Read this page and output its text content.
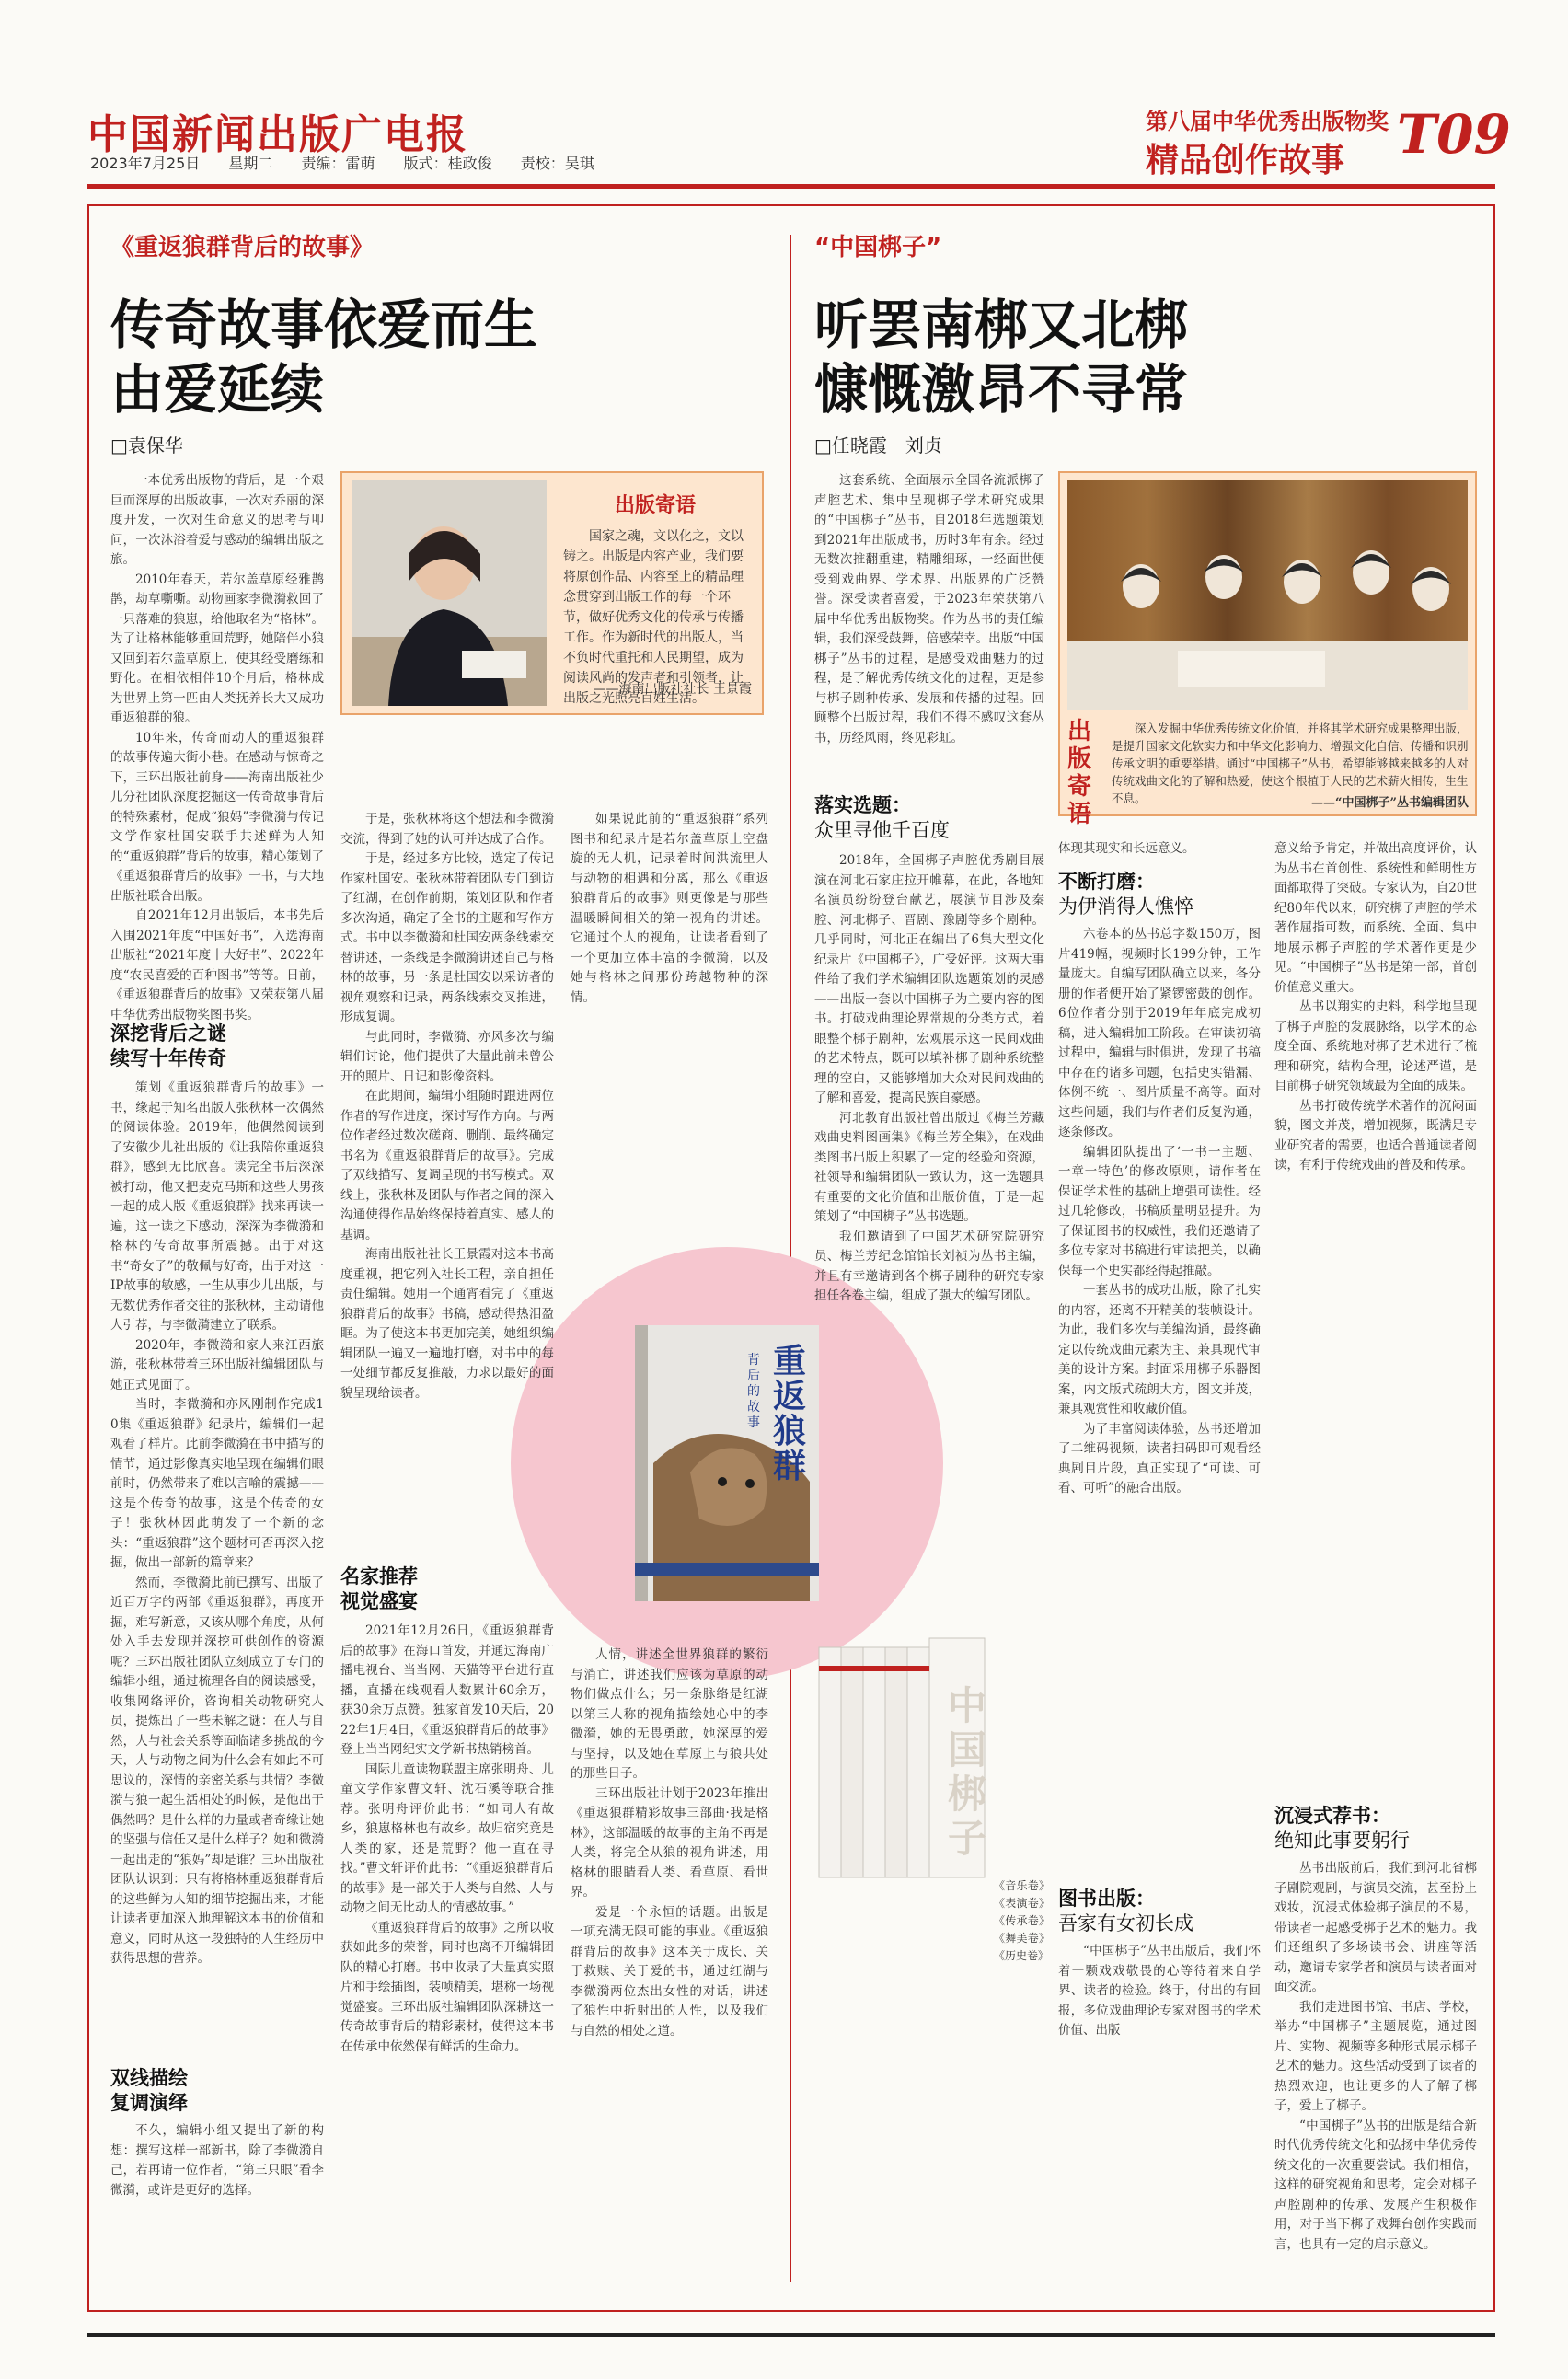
中国新闻出版广电报
2023年7月25日 星期二 责编：雷萌 版式：桂政俊 责校：吴琪
第八届中华优秀出版物奖
精品创作故事 T09
《重返狼群背后的故事》
传奇故事依爱而生
由爱延续
□袁保华
出版寄语
国家之魂，文以化之，文以铸之。出版是内容产业，我们要将原创作品、内容至上的精品理念贯穿到出版工作的每一个环节，做好优秀文化的传承与传播工作。作为新时代的出版人，当不负时代重托和人民期望，成为阅读风尚的发声者和引领者，让出版之光照亮百姓生活。
——海南出版社社长 王景霞

一本优秀出版物的背后，是一个艰巨而深厚的出版故事，一次对乔丽的深度开发，一次对生命意义的思考与叩问，一次沐浴着爱与感动的编辑出版之旅。

2010年春天，若尔盖草原经雅鹊鹊，劫草嘶嘶。动物画家李微漪救回了一只落难的狼崽，给他取名为“格林”。为了让格林能够重回荒野，她陪伴小狼又回到若尔盖草原上，使其经受磨练和野化。在相依相伴10个月后，格林成为世界上第一匹由人类抚养长大又成功重返狼群的狼。

10年来，传奇而动人的重返狼群的故事传遍大街小巷。在感动与惊奇之下，三环出版社前身——海南出版社少儿分社团队深度挖掘这一传奇故事背后的特殊素材，促成“狼妈”李微漪与传记文学作家杜国安联手共述鲜为人知的“重返狼群”背后的故事，精心策划了《重返狼群背后的故事》一书，与大地出版社联合出版。

自2021年12月出版后，本书先后入围2021年度“中国好书”，入选海南出版社“2021年度十大好书”、2022年度“农民喜爱的百种图书”等等。日前，《重返狼群背后的故事》又荣获第八届中华优秀出版物奖图书奖。

深挖背后之谜
续写十年传奇

策划《重返狼群背后的故事》一书，缘起于知名出版人张秋林一次偶然的阅读体验。2019年，他偶然阅读到了安徽少儿社出版的《让我陪你重返狼群》，感到无比欣喜。读完全书后深深被打动，他又把麦克马斯和这些大男孩一起的成人版《重返狼群》找来再读一遍，这一读之下感动，深深为李微漪和格林的传奇故事所震撼。出于对这书“奇女子”的敬佩与好奇，出于对这一IP故事的敏感，一生从事少儿出版，与无数优秀作者交往的张秋林，主动请他人引荐，与李微漪建立了联系。

2020年，李微漪和家人来江西旅游，张秋林带着三环出版社编辑团队与她正式见面了。

当时，李微漪和亦风刚制作完成10集《重返狼群》纪录片，编辑们一起观看了样片。此前李微漪在书中描写的情节，通过影像真实地呈现在编辑们眼前时，仍然带来了难以言喻的震撼——这是个传奇的故事，这是个传奇的女子！张秋林因此萌发了一个新的念头：“重返狼群”这个题材可否再深入挖掘，做出一部新的篇章来？

然而，李微漪此前已撰写、出版了近百万字的两部《重返狼群》，再度开掘，难写新意，又该从哪个角度，从何处入手去发现并深挖可供创作的资源呢？三环出版社团队立刻成立了专门的编辑小组，通过梳理各自的阅读感受，收集网络评价，咨询相关动物研究人员，提炼出了一些未解之谜：在人与自然，人与社会关系等面临诸多挑战的今天，人与动物之间为什么会有如此不可思议的，深情的亲密关系与共情？李微漪与狼一起生活相处的时候，是他出于偶然吗？是什么样的力量或者奇缘让她的坚强与信任又是什么样子？她和微漪一起出走的“狼妈”却是谁？三环出版社团队认识到：只有将格林重返狼群背后的这些鲜为人知的细节挖掘出来，才能让读者更加深入地理解这本书的价值和意义，同时从这一段独特的人生经历中获得思想的营养。

双线描绘
复调演绎

不久，编辑小组又提出了新的构想：撰写这样一部新书，除了李微漪自己，若再请一位作者，“第三只眼”看李微漪，或许是更好的选择。

于是，张秋林将这个想法和李微漪交流，得到了她的认可并达成了合作。

于是，经过多方比较，选定了传记作家杜国安。张秋林带着团队专门到访了红湖，在创作前期，策划团队和作者多次沟通，确定了全书的主题和写作方式。书中以李微漪和杜国安两条线索交替讲述，一条线是李微漪讲述自己与格林的故事，另一条是杜国安以采访者的视角观察和记录，两条线索交叉推进，形成复调。

与此同时，李微漪、亦风多次与编辑们讨论，他们提供了大量此前未曾公开的照片、日记和影像资料。

在此期间，编辑小组随时跟进两位作者的写作进度，探讨写作方向。与两位作者经过数次磋商、删削、最终确定书名为《重返狼群背后的故事》。完成了双线描写、复调呈现的书写模式。双线上，张秋林及团队与作者之间的深入沟通使得作品始终保持着真实、感人的基调。

海南出版社社长王景霞对这本书高度重视，把它列入社长工程，亲自担任责任编辑。她用一个通宵看完了《重返狼群背后的故事》书稿，感动得热泪盈眶。为了使这本书更加完美，她组织编辑团队一遍又一遍地打磨，对书中的每一处细节都反复推敲，力求以最好的面貌呈现给读者。

名家推荐
视觉盛宴

2021年12月26日，《重返狼群背后的故事》在海口首发，并通过海南广播电视台、当当网、天猫等平台进行直播，直播在线观看人数累计60余万，获30余万点赞。独家首发10天后，2022年1月4日，《重返狼群背后的故事》登上当当网纪实文学新书热销榜首。

国际儿童读物联盟主席张明舟、儿童文学作家曹文轩、沈石溪等联合推荐。张明舟评价此书：“如同人有故乡，狼崽格林也有故乡。故归宿究竟是人类的家，还是荒野？他一直在寻找。”曹文轩评价此书：“《重返狼群背后的故事》是一部关于人类与自然、人与动物之间无比动人的情感故事。”

《重返狼群背后的故事》之所以收获如此多的荣誉，同时也离不开编辑团队的精心打磨。书中收录了大量真实照片和手绘插图，装帧精美，堪称一场视觉盛宴。三环出版社编辑团队深耕这一传奇故事背后的精彩素材，使得这本书在传承中依然保有鲜活的生命力。

如果说此前的“重返狼群”系列图书和纪录片是若尔盖草原上空盘旋的无人机，记录着时间洪流里人与动物的相遇和分离，那么《重返狼群背后的故事》则更像是与那些温暖瞬间相关的第一视角的讲述。它通过个人的视角，让读者看到了一个更加立体丰富的李微漪，以及她与格林之间那份跨越物种的深情。

重返狼群
背后的故事

人情，讲述全世界狼群的繁衍与消亡，讲述我们应该为草原的动物们做点什么；另一条脉络是红湖以第三人称的视角描绘她心中的李微漪，她的无畏勇敢，她深厚的爱与坚持，以及她在草原上与狼共处的那些日子。

三环出版社计划于2023年推出《重返狼群精彩故事三部曲·我是格林》，这部温暖的故事的主角不再是人类，将完全从狼的视角讲述，用格林的眼睛看人类、看草原、看世界。

爱是一个永恒的话题。出版是一项充满无限可能的事业。《重返狼群背后的故事》这本关于成长、关于救赎、关于爱的书，通过红湖与李微漪两位杰出女性的对话，讲述了狼性中折射出的人性，以及我们与自然的相处之道。

“中国梆子”
听罢南梆又北梆
慷慨激昂不寻常
□任晓霞　刘贞

这套系统、全面展示全国各流派梆子声腔艺术、集中呈现梆子学术研究成果的“中国梆子”丛书，自2018年选题策划到2021年出版成书，历时3年有余。经过无数次推翻重建，精雕细琢，一经面世便受到戏曲界、学术界、出版界的广泛赞誉。深受读者喜爱，于2023年荣获第八届中华优秀出版物奖。作为丛书的责任编辑，我们深受鼓舞，倍感荣幸。出版“中国梆子”丛书的过程，是感受戏曲魅力的过程，是了解优秀传统文化的过程，更是参与梆子剧种传承、发展和传播的过程。回顾整个出版过程，我们不得不感叹这套丛书，历经风雨，终见彩虹。

落实选题：
众里寻他千百度
出版寄语
深入发掘中华优秀传统文化价值，并将其学术研究成果整理出版，是提升国家文化软实力和中华文化影响力、增强文化自信、传播和识别传承文明的重要举措。通过“中国梆子”丛书，希望能够越来越多的人对传统戏曲文化的了解和热爱，使这个根植于人民的艺术薪火相传，生生不息。	——“中国梆子”丛书编辑团队

2018年，全国梆子声腔优秀剧目展演在河北石家庄拉开帷幕，在此，各地知名演员纷纷登台献艺，展演节目涉及秦腔、河北梆子、晋剧、豫剧等多个剧种。几乎同时，河北正在编出了6集大型文化纪录片《中国梆子》，广受好评。这两大事件给了我们学术编辑团队选题策划的灵感——出版一套以中国梆子为主要内容的图书。打破戏曲理论界常规的分类方式，着眼整个梆子剧种，宏观展示这一民间戏曲的艺术特点，既可以填补梆子剧种系统整理的空白，又能够增加大众对民间戏曲的了解和喜爱，提高民族自豪感。

河北教育出版社曾出版过《梅兰芳藏戏曲史料图画集》《梅兰芳全集》，在戏曲类图书出版上积累了一定的经验和资源，社领导和编辑团队一致认为，这一选题具有重要的文化价值和出版价值，于是一起策划了“中国梆子”丛书选题。

我们邀请到了中国艺术研究院研究员、梅兰芳纪念馆馆长刘祯为丛书主编，并且有幸邀请到各个梆子剧种的研究专家担任各卷主编，组成了强大的编写团队。

中国梆子
《音乐卷》《表演卷》《传承卷》《舞美卷》《历史卷》

体现其现实和长远意义。

不断打磨：
为伊消得人憔悴

六卷本的丛书总字数150万，图片419幅，视频时长199分钟，工作量庞大。自编写团队确立以来，各分册的作者便开始了紧锣密鼓的创作。6位作者分别于2019年年底完成初稿，进入编辑加工阶段。在审读初稿过程中，编辑与时俱进，发现了书稿中存在的诸多问题，包括史实错漏、体例不统一、图片质量不高等。面对这些问题，我们与作者们反复沟通，逐条修改。

编辑团队提出了‘一书一主题、一章一特色’的修改原则，请作者在保证学术性的基础上增强可读性。经过几轮修改，书稿质量明显提升。为了保证图书的权威性，我们还邀请了多位专家对书稿进行审读把关，以确保每一个史实都经得起推敲。

一套丛书的成功出版，除了扎实的内容，还离不开精美的装帧设计。为此，我们多次与美编沟通，最终确定以传统戏曲元素为主、兼具现代审美的设计方案。封面采用梆子乐器图案，内文版式疏朗大方，图文并茂，兼具观赏性和收藏价值。

为了丰富阅读体验，丛书还增加了二维码视频，读者扫码即可观看经典剧目片段，真正实现了“可读、可看、可听”的融合出版。

图书出版：
吾家有女初长成

“中国梆子”丛书出版后，我们怀着一颗戏戏敬畏的心等待着来自学界、读者的检验。终于，付出的有回报，多位戏曲理论专家对图书的学术价值、出版

意义给予肯定，并做出高度评价，认为丛书在首创性、系统性和鲜明性方面都取得了突破。专家认为，自20世纪80年代以来，研究梆子声腔的学术著作屈指可数，而系统、全面、集中地展示梆子声腔的学术著作更是少见。“中国梆子”丛书是第一部，首创价值意义重大。

丛书以翔实的史料，科学地呈现了梆子声腔的发展脉络，以学术的态度全面、系统地对梆子艺术进行了梳理和研究，结构合理，论述严谨，是目前梆子研究领域最为全面的成果。

丛书打破传统学术著作的沉闷面貌，图文并茂，增加视频，既满足专业研究者的需要，也适合普通读者阅读，有利于传统戏曲的普及和传承。

沉浸式荐书：
绝知此事要躬行

丛书出版前后，我们到河北省梆子剧院观剧，与演员交流，甚至扮上戏妆，沉浸式体验梆子演员的不易，带读者一起感受梆子艺术的魅力。我们还组织了多场读书会、讲座等活动，邀请专家学者和演员与读者面对面交流。

我们走进图书馆、书店、学校，举办“中国梆子”主题展览，通过图片、实物、视频等多种形式展示梆子艺术的魅力。这些活动受到了读者的热烈欢迎，也让更多的人了解了梆子，爱上了梆子。

“中国梆子”丛书的出版是结合新时代优秀传统文化和弘扬中华优秀传统文化的一次重要尝试。我们相信，这样的研究视角和思考，定会对梆子声腔剧种的传承、发展产生积极作用，对于当下梆子戏舞台创作实践而言，也具有一定的启示意义。
